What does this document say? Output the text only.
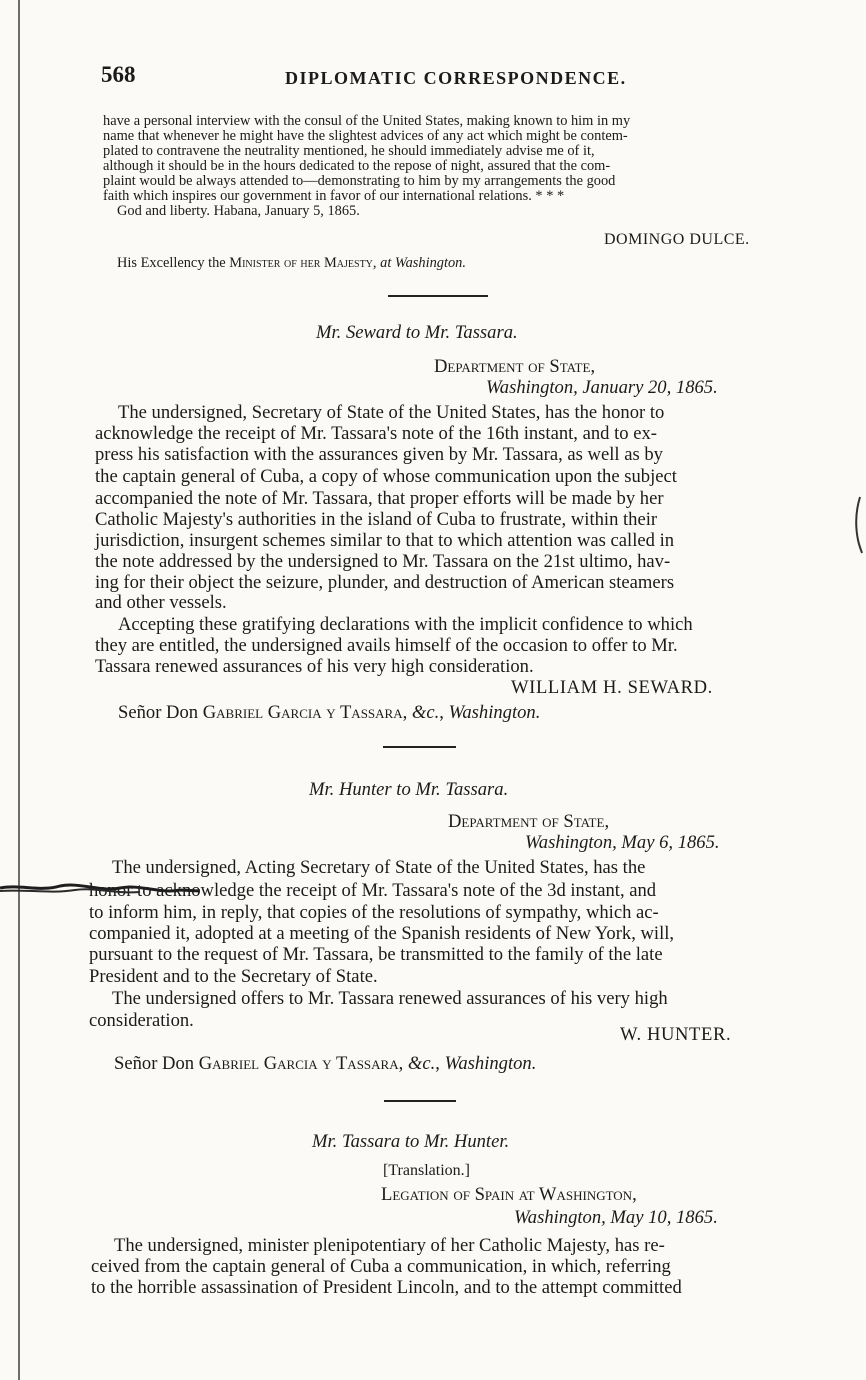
568	DIPLOMATIC CORRESPONDENCE.
have a personal interview with the consul of the United States, making known to him in my
name that whenever he might have the slightest advices of any act which might be contem-
plated to contravene the neutrality mentioned, he should immediately advise me of it,
although it should be in the hours dedicated to the repose of night, assured that the com-
plaint would be always attended to—demonstrating to him by my arrangements the good
faith which inspires our government in favor of our international relations. * * *
God and liberty. Habana, January 5, 1865.
DOMINGO DULCE.
His Excellency the Minister of her Majesty, at Washington.
Mr. Seward to Mr. Tassara.
Department of State,
Washington, January 20, 1865.
The undersigned, Secretary of State of the United States, has the honor to
acknowledge the receipt of Mr. Tassara's note of the 16th instant, and to ex-
press his satisfaction with the assurances given by Mr. Tassara, as well as by
the captain general of Cuba, a copy of whose communication upon the subject
accompanied the note of Mr. Tassara, that proper efforts will be made by her
Catholic Majesty's authorities in the island of Cuba to frustrate, within their
jurisdiction, insurgent schemes similar to that to which attention was called in
the note addressed by the undersigned to Mr. Tassara on the 21st ultimo, hav-
ing for their object the seizure, plunder, and destruction of American steamers
and other vessels.
Accepting these gratifying declarations with the implicit confidence to which
they are entitled, the undersigned avails himself of the occasion to offer to Mr.
Tassara renewed assurances of his very high consideration.
WILLIAM H. SEWARD.
Señor Don Gabriel Garcia y Tassara, &c., Washington.
Mr. Hunter to Mr. Tassara.
Department of State,
Washington, May 6, 1865.
The undersigned, Acting Secretary of State of the United States, has the
honor to acknowledge the receipt of Mr. Tassara's note of the 3d instant, and
to inform him, in reply, that copies of the resolutions of sympathy, which ac-
companied it, adopted at a meeting of the Spanish residents of New York, will,
pursuant to the request of Mr. Tassara, be transmitted to the family of the late
President and to the Secretary of State.
The undersigned offers to Mr. Tassara renewed assurances of his very high
consideration.
W. HUNTER.
Señor Don Gabriel Garcia y Tassara, &c., Washington.
Mr. Tassara to Mr. Hunter.
[Translation.]
Legation of Spain at Washington,
Washington, May 10, 1865.
The undersigned, minister plenipotentiary of her Catholic Majesty, has re-
ceived from the captain general of Cuba a communication, in which, referring
to the horrible assassination of President Lincoln, and to the attempt committed
